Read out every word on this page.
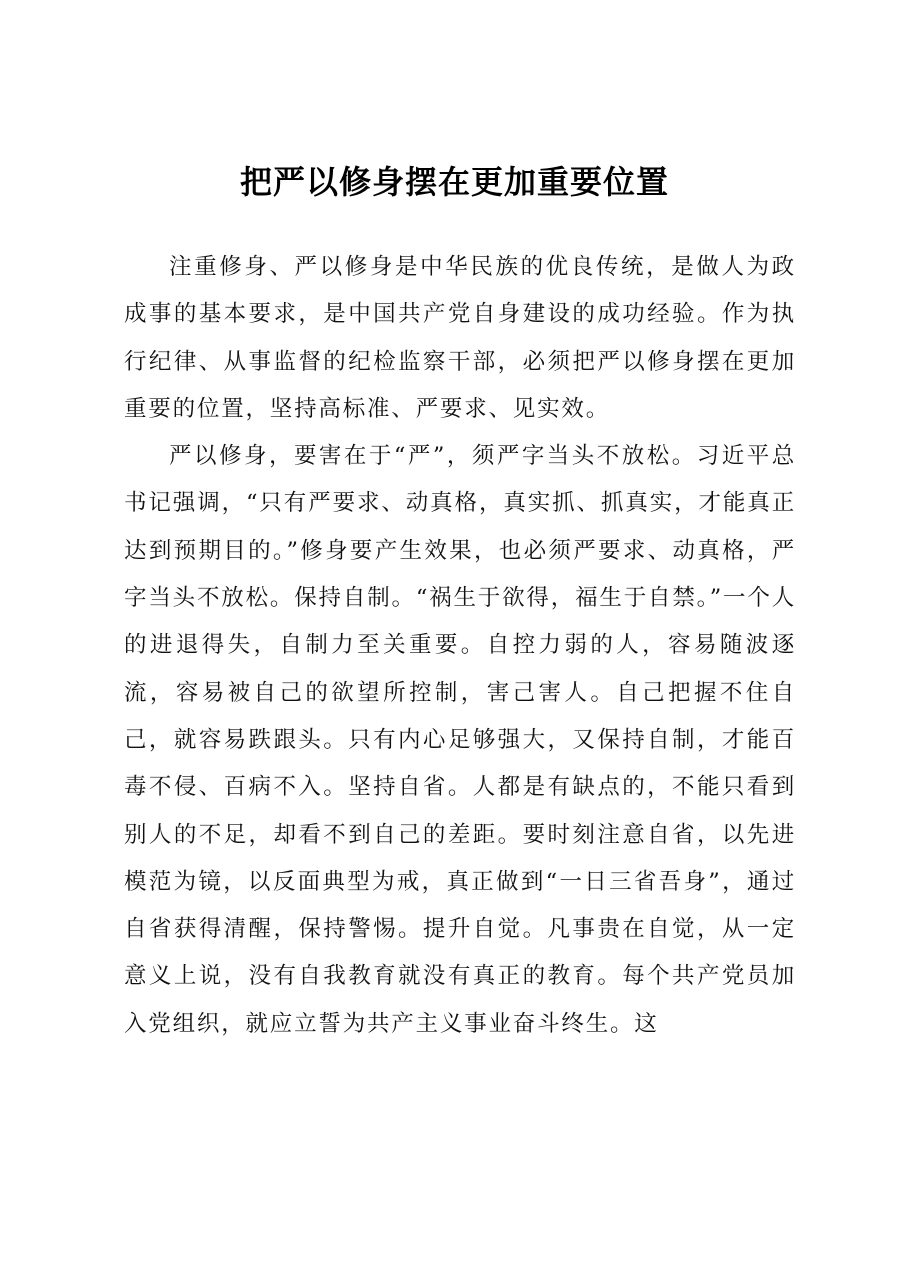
把严以修身摆在更加重要位置

注重修身、严以修身是中华民族的优良传统，是做人为政成事的基本要求，是中国共产党自身建设的成功经验。作为执行纪律、从事监督的纪检监察干部，必须把严以修身摆在更加重要的位置，坚持高标准、严要求、见实效。

严以修身，要害在于“严”，须严字当头不放松。习近平总书记强调，“只有严要求、动真格，真实抓、抓真实，才能真正达到预期目的。”修身要产生效果，也必须严要求、动真格，严字当头不放松。保持自制。“祸生于欲得，福生于自禁。”一个人的进退得失，自制力至关重要。自控力弱的人，容易随波逐流，容易被自己的欲望所控制，害己害人。自己把握不住自己，就容易跌跟头。只有内心足够强大，又保持自制，才能百毒不侵、百病不入。坚持自省。人都是有缺点的，不能只看到别人的不足，却看不到自己的差距。要时刻注意自省，以先进模范为镜，以反面典型为戒，真正做到“一日三省吾身”，通过自省获得清醒，保持警惕。提升自觉。凡事贵在自觉，从一定意义上说，没有自我教育就没有真正的教育。每个共产党员加入党组织，就应立誓为共产主义事业奋斗终生。这
